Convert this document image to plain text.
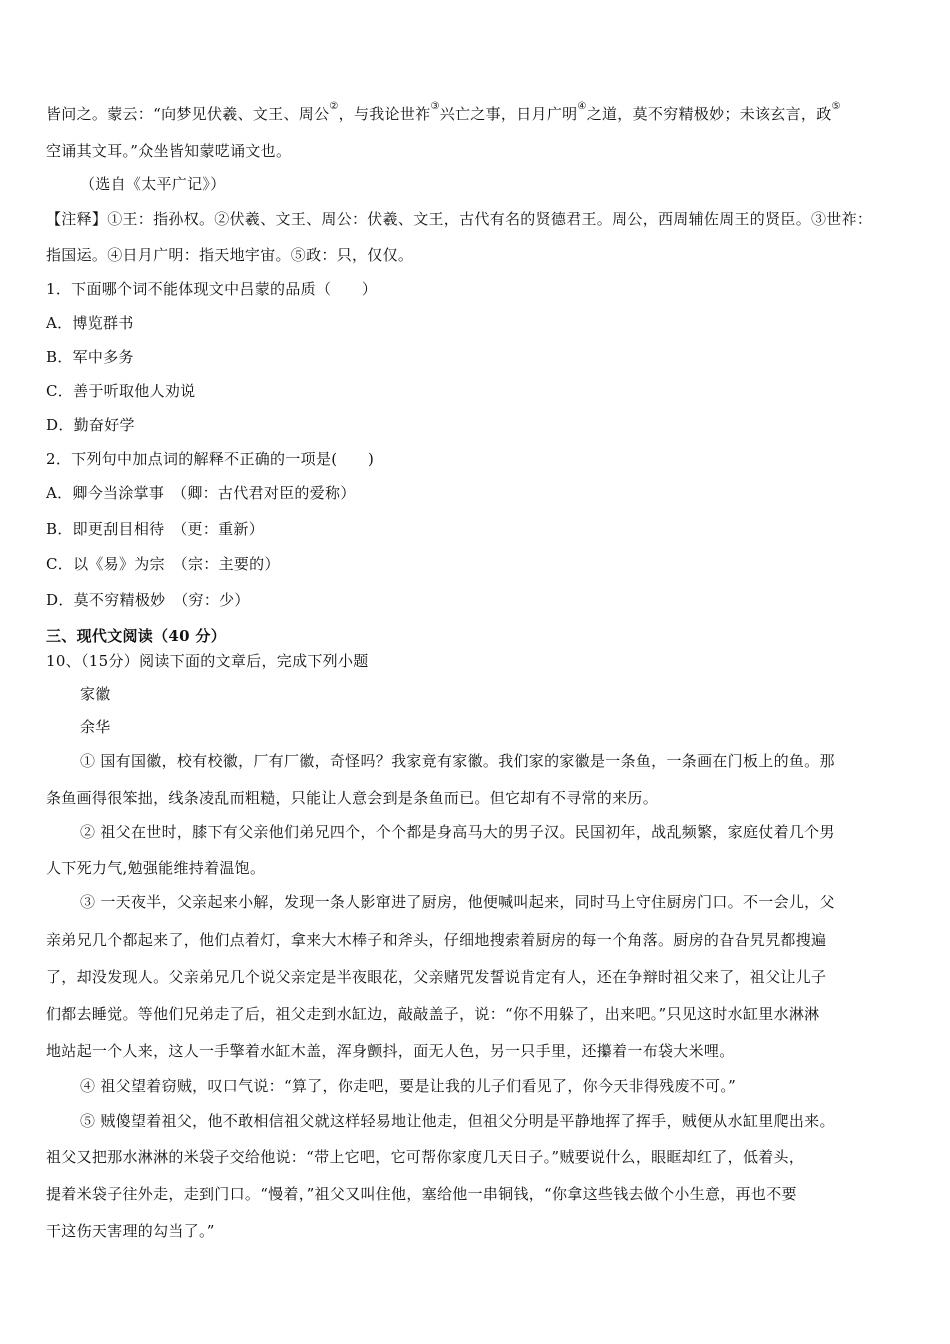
皆问之。蒙云：“向梦见伏羲、文王、周公②，与我论世祚③兴亡之事，日月广明④之道，莫不穷精极妙；未该玄言，政⑤
空诵其文耳。”众坐皆知蒙呓诵文也。
（选自《太平广记》）
【注释】①王：指孙权。②伏羲、文王、周公：伏羲、文王，古代有名的贤德君王。周公，西周辅佐周王的贤臣。③世祚：
指国运。④日月广明：指天地宇宙。⑤政：只，仅仅。
1．下面哪个词不能体现文中吕蒙的品质（　　）
A．博览群书
B．军中多务
C．善于听取他人劝说
D．勤奋好学
2．下列句中加点词的解释不正确的一项是(　　)
A．卿今当涂掌事　（卿：古代君对臣的爱称）
B．即更刮目相待　（更：重新）
C．以《易》为宗　（宗：主要的）
D．莫不穷精极妙　（穷：少）
三、现代文阅读（40 分）
10、（15分）阅读下面的文章后，完成下列小题
家徽
余华
① 国有国徽，校有校徽，厂有厂徽，奇怪吗？我家竟有家徽。我们家的家徽是一条鱼，一条画在门板上的鱼。那
条鱼画得很笨拙，线条凌乱而粗糙，只能让人意会到是条鱼而已。但它却有不寻常的来历。
② 祖父在世时，膝下有父亲他们弟兄四个，个个都是身高马大的男子汉。民国初年，战乱频繁，家庭仗着几个男
人下死力气,勉强能维持着温饱。
③ 一天夜半，父亲起来小解，发现一条人影窜进了厨房，他便喊叫起来，同时马上守住厨房门口。不一会儿，父
亲弟兄几个都起来了，他们点着灯，拿来大木棒子和斧头，仔细地搜索着厨房的每一个角落。厨房的旮旮旯旯都搜遍
了，却没发现人。父亲弟兄几个说父亲定是半夜眼花，父亲赌咒发誓说肯定有人，还在争辩时祖父来了，祖父让儿子
们都去睡觉。等他们兄弟走了后，祖父走到水缸边，敲敲盖子，说：“你不用躲了，出来吧。”只见这时水缸里水淋淋
地站起一个人来，这人一手擎着水缸木盖，浑身颤抖，面无人色，另一只手里，还攥着一布袋大米哩。
④ 祖父望着窃贼，叹口气说：“算了，你走吧，要是让我的儿子们看见了，你今天非得残废不可。”
⑤ 贼傻望着祖父，他不敢相信祖父就这样轻易地让他走，但祖父分明是平静地挥了挥手，贼便从水缸里爬出来。
祖父又把那水淋淋的米袋子交给他说：“带上它吧，它可帮你家度几天日子。”贼要说什么，眼眶却红了，低着头，
提着米袋子往外走，走到门口。“慢着，”祖父又叫住他，塞给他一串铜钱，“你拿这些钱去做个小生意，再也不要
干这伤天害理的勾当了。”
